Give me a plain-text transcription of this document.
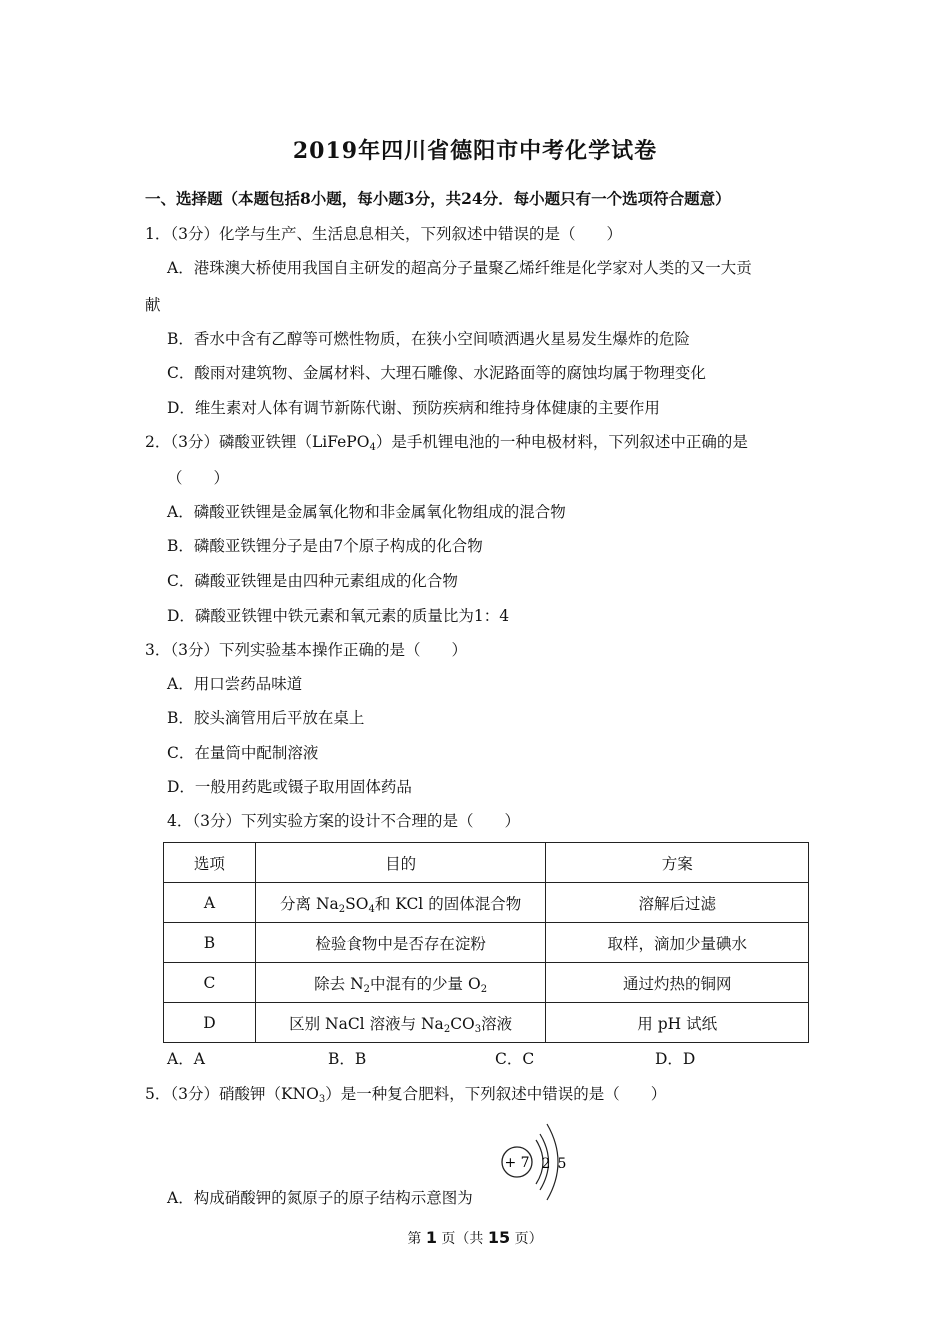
2019年四川省德阳市中考化学试卷
一、选择题（本题包括8小题，每小题3分，共24分．每小题只有一个选项符合题意）
1．（3分）化学与生产、生活息息相关，下列叙述中错误的是（　　）
A．港珠澳大桥使用我国自主研发的超高分子量聚乙烯纤维是化学家对人类的又一大贡
献
B．香水中含有乙醇等可燃性物质，在狭小空间喷洒遇火星易发生爆炸的危险
C．酸雨对建筑物、金属材料、大理石雕像、水泥路面等的腐蚀均属于物理变化
D．维生素对人体有调节新陈代谢、预防疾病和维持身体健康的主要作用
2．（3分）磷酸亚铁锂（LiFePO$_4$）是手机锂电池的一种电极材料，下列叙述中正确的是
（　　）
A．磷酸亚铁锂是金属氧化物和非金属氧化物组成的混合物
B．磷酸亚铁锂分子是由7个原子构成的化合物
C．磷酸亚铁锂是由四种元素组成的化合物
D．磷酸亚铁锂中铁元素和氧元素的质量比为1：4
3．（3分）下列实验基本操作正确的是（　　）
A．用口尝药品味道
B．胶头滴管用后平放在桌上
C．在量筒中配制溶液
D．一般用药匙或镊子取用固体药品
4．（3分）下列实验方案的设计不合理的是（　　）
选项	目的	方案
A	分离 $Na_2SO_4$和 KCl 的固体混合物	溶解后过滤
B	检验食物中是否存在淀粉	取样，滴加少量碘水
C	除去 $N_2$中混有的少量 $O_2$	通过灼热的铜网
D	区别 NaCl 溶液与 $Na_2CO_3$溶液	用 pH 试纸
A．A	B．B	C．C	D．D
5．（3分）硝酸钾$(KNO_3)$是一种复合肥料，下列叙述中错误的是（　　）
A．构成硝酸钾的氮原子的原子结构示意图为
+ 7 2 5
第 1 页（共 15 页）
